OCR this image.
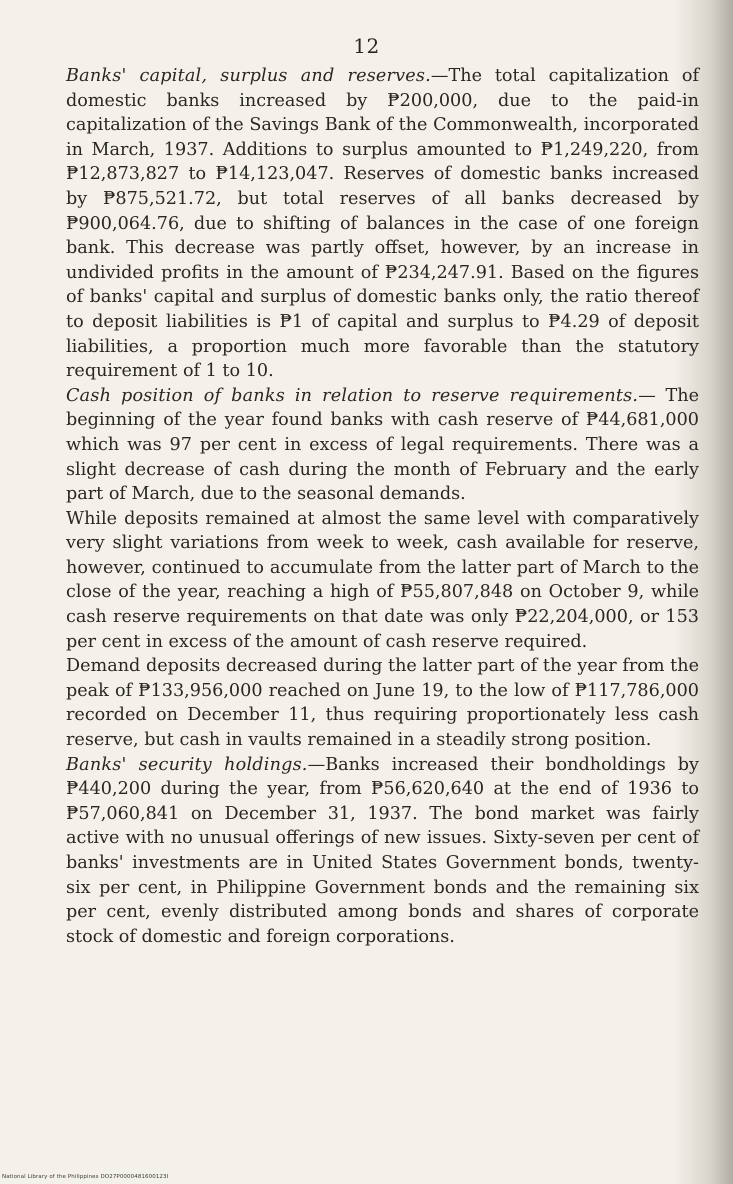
12

Banks' capital, surplus and reserves.—The total capitalization of domestic banks increased by ₱200,000, due to the paid-in capitalization of the Savings Bank of the Commonwealth, incorporated in March, 1937. Additions to surplus amounted to ₱1,249,220, from ₱12,873,827 to ₱14,123,047. Reserves of domestic banks increased by ₱875,521.72, but total reserves of all banks decreased by ₱900,064.76, due to shifting of balances in the case of one foreign bank. This decrease was partly offset, however, by an increase in undivided profits in the amount of ₱234,247.91. Based on the figures of banks' capital and surplus of domestic banks only, the ratio thereof to deposit liabilities is ₱1 of capital and surplus to ₱4.29 of deposit liabilities, a proportion much more favorable than the statutory requirement of 1 to 10.

Cash position of banks in relation to reserve requirements.— The beginning of the year found banks with cash reserve of ₱44,681,000 which was 97 per cent in excess of legal requirements. There was a slight decrease of cash during the month of February and the early part of March, due to the seasonal demands.

While deposits remained at almost the same level with comparatively very slight variations from week to week, cash available for reserve, however, continued to accumulate from the latter part of March to the close of the year, reaching a high of ₱55,807,848 on October 9, while cash reserve requirements on that date was only ₱22,204,000, or 153 per cent in excess of the amount of cash reserve required.

Demand deposits decreased during the latter part of the year from the peak of ₱133,956,000 reached on June 19, to the low of ₱117,786,000 recorded on December 11, thus requiring proportionately less cash reserve, but cash in vaults remained in a steadily strong position.

Banks' security holdings.—Banks increased their bondholdings by ₱440,200 during the year, from ₱56,620,640 at the end of 1936 to ₱57,060,841 on December 31, 1937. The bond market was fairly active with no unusual offerings of new issues. Sixty-seven per cent of banks' investments are in United States Government bonds, twenty-six per cent, in Philippine Government bonds and the remaining six per cent, evenly distributed among bonds and shares of corporate stock of domestic and foreign corporations.

National Library of the Philippines DO27P0000481600123I
